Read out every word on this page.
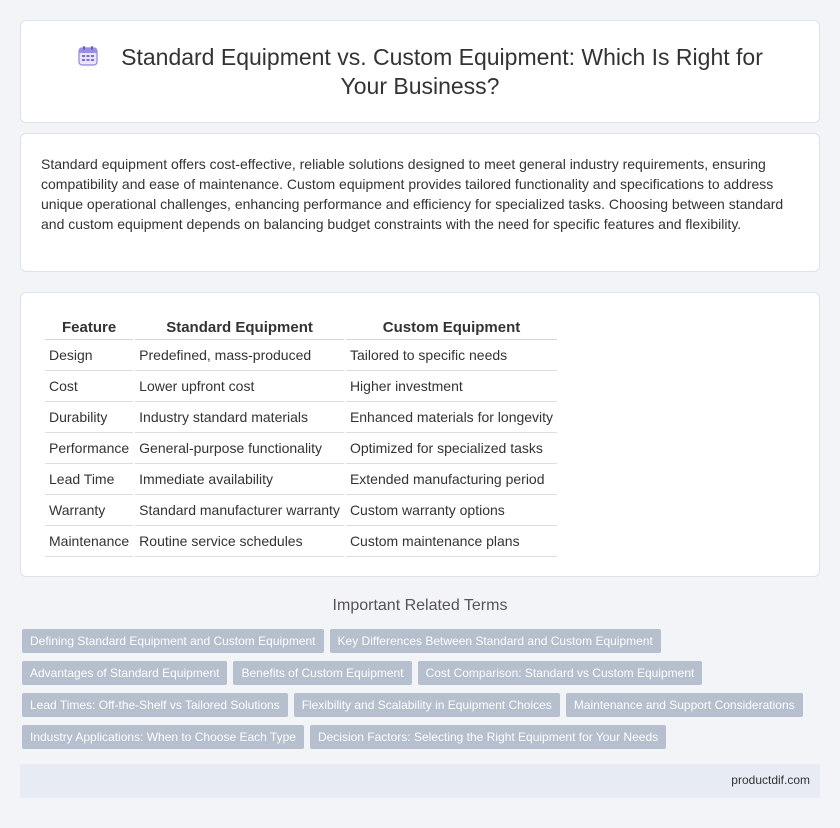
Standard Equipment vs. Custom Equipment: Which Is Right for
Your Business?
Standard equipment offers cost-effective, reliable solutions designed to meet general industry requirements, ensuring compatibility and ease of maintenance. Custom equipment provides tailored functionality and specifications to address unique operational challenges, enhancing performance and efficiency for specialized tasks. Choosing between standard and custom equipment depends on balancing budget constraints with the need for specific features and flexibility.
Feature	Standard Equipment	Custom Equipment
Design	Predefined, mass-produced	Tailored to specific needs
Cost	Lower upfront cost	Higher investment
Durability	Industry standard materials	Enhanced materials for longevity
Performance	General-purpose functionality	Optimized for specialized tasks
Lead Time	Immediate availability	Extended manufacturing period
Warranty	Standard manufacturer warranty	Custom warranty options
Maintenance	Routine service schedules	Custom maintenance plans
Important Related Terms
Defining Standard Equipment and Custom Equipment Key Differences Between Standard and Custom Equipment
Advantages of Standard Equipment Benefits of Custom Equipment Cost Comparison: Standard vs Custom Equipment
Lead Times: Off-the-Shelf vs Tailored Solutions Flexibility and Scalability in Equipment Choices Maintenance and Support Considerations
Industry Applications: When to Choose Each Type Decision Factors: Selecting the Right Equipment for Your Needs
productdif.com
